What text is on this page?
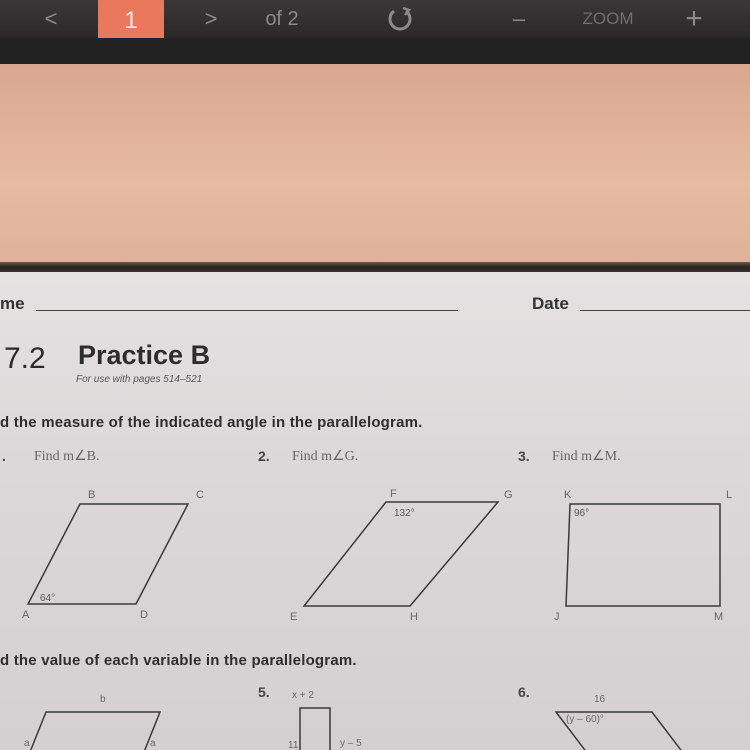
<	1	>	of 2	–	ZOOM	+
me	Date
7.2 Practice B
For use with pages 514–521
d the measure of the indicated angle in the parallelogram.
. Find m∠B.	2. Find m∠G.	3. Find m∠M.
B	C
A	D
64°
F	G
E	H
132°
K	L
J	M
96°
d the value of each variable in the parallelogram.
5.	6.
b
a	a
x + 2
y – 5
11
16
(y – 60)°
